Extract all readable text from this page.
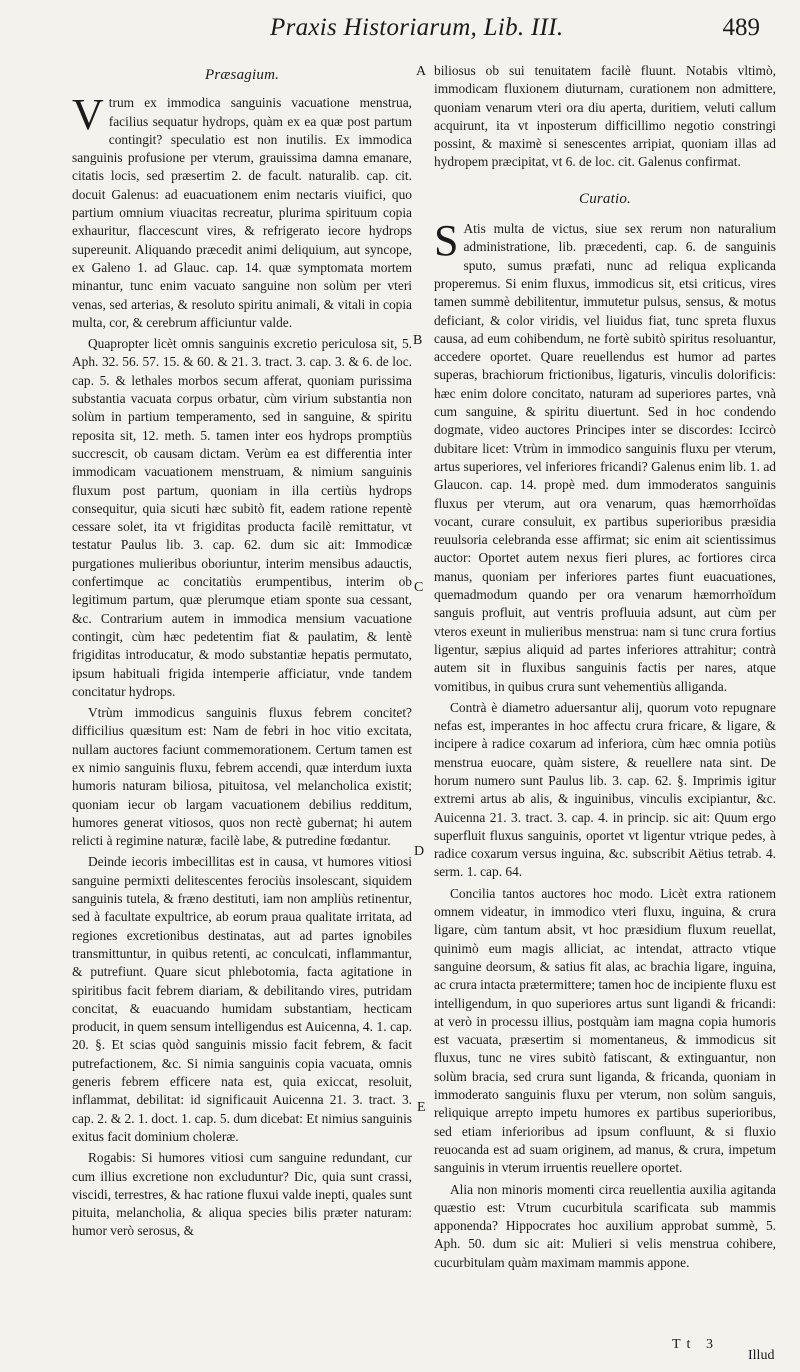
Praxis Historiarum, Lib. III.	489
A
B
C
D
E
Præsagium.

Vtrum ex immodica sanguinis vacuatione menstrua, facilius sequatur hydrops, quàm ex ea quæ post partum contingit? speculatio est non inutilis. Ex immodica sanguinis profusione per vterum, grauissima damna emanare, citatis locis, sed præsertim 2. de facult. naturalib. cap. cit. docuit Galenus: ad euacuationem enim nectaris viuifici, quo partium omnium viuacitas recreatur, plurima spirituum copia exhauritur, flaccescunt vires, & refrigerato iecore hydrops supereunit. Aliquando præcedit animi deliquium, aut syncope, ex Galeno 1. ad Glauc. cap. 14. quæ symptomata mortem minantur, tunc enim vacuato sanguine non solùm per vteri venas, sed arterias, & resoluto spiritu animali, & vitali in copia multa, cor, & cerebrum afficiuntur valde.

Quapropter licèt omnis sanguinis excretio periculosa sit, 5. Aph. 32. 56. 57. 15. & 60. & 21. 3. tract. 3. cap. 3. & 6. de loc. cap. 5. & lethales morbos secum afferat, quoniam purissima substantia vacuata corpus orbatur, cùm virium substantia non solùm in partium temperamento, sed in sanguine, & spiritu reposita sit, 12. meth. 5. tamen inter eos hydrops promptiùs succrescit, ob causam dictam. Verùm ea est differentia inter immodicam vacuationem menstruam, & nimium sanguinis fluxum post partum, quoniam in illa certiùs hydrops consequitur, quia sicuti hæc subitò fit, eadem ratione repentè cessare solet, ita vt frigiditas producta facilè remittatur, vt testatur Paulus lib. 3. cap. 62. dum sic ait: Immodicæ purgationes mulieribus oboriuntur, interim mensibus adauctis, confertimque ac concitatiùs erumpentibus, interim ob legitimum partum, quæ plerumque etiam sponte sua cessant, &c. Contrarium autem in immodica mensium vacuatione contingit, cùm hæc pedetentim fiat & paulatim, & lentè frigiditas introducatur, & modo substantiæ hepatis permutato, ipsum habituali frigida intemperie afficiatur, vnde tandem concitatur hydrops.

Vtrùm immodicus sanguinis fluxus febrem concitet? difficilius quæsitum est: Nam de febri in hoc vitio excitata, nullam auctores faciunt commemorationem. Certum tamen est ex nimio sanguinis fluxu, febrem accendi, quæ interdum iuxta humoris naturam biliosa, pituitosa, vel melancholica existit; quoniam iecur ob largam vacuationem debilius redditum, humores generat vitiosos, quos non rectè gubernat; hi autem relicti à regimine naturæ, facilè labe, & putredine fœdantur.

Deinde iecoris imbecillitas est in causa, vt humores vitiosi sanguine permixti delitescentes ferociùs insolescant, siquidem sanguinis tutela, & fræno destituti, iam non ampliùs retinentur, sed à facultate expultrice, ab eorum praua qualitate irritata, ad regiones excretionibus destinatas, aut ad partes ignobiles transmittuntur, in quibus retenti, ac conculcati, inflammantur, & putrefiunt. Quare sicut phlebotomia, facta agitatione in spiritibus facit febrem diariam, & debilitando vires, putridam concitat, & euacuando humidam substantiam, hecticam producit, in quem sensum intelligendus est Auicenna, 4. 1. cap. 20. §. Et scias quòd sanguinis missio facit febrem, & facit putrefactionem, &c. Si nimia sanguinis copia vacuata, omnis generis febrem efficere nata est, quia exiccat, resoluit, inflammat, debilitat: id significauit Auicenna 21. 3. tract. 3. cap. 2. & 2. 1. doct. 1. cap. 5. dum dicebat: Et nimius sanguinis exitus facit dominium choleræ.

Rogabis: Si humores vitiosi cum sanguine redundant, cur cum illius excretione non excluduntur? Dic, quia sunt crassi, viscidi, terrestres, & hac ratione fluxui valde inepti, quales sunt pituita, melancholia, & aliqua species bilis præter naturam: humor verò serosus, &

biliosus ob sui tenuitatem facilè fluunt. Notabis vltimò, immodicam fluxionem diuturnam, curationem non admittere, quoniam venarum vteri ora diu aperta, duritiem, veluti callum acquirunt, ita vt inposterum difficillimo negotio constringi possint, & maximè si senescentes arripiat, quoniam illas ad hydropem præcipitat, vt 6. de loc. cit. Galenus confirmat.

Curatio.

S Atis multa de victus, siue sex rerum non naturalium administratione, lib. præcedenti, cap. 6. de sanguinis sputo, sumus præfati, nunc ad reliqua explicanda properemus. Si enim fluxus, immodicus sit, etsi criticus, vires tamen summè debilitentur, immutetur pulsus, sensus, & motus deficiant, & color viridis, vel liuidus fiat, tunc spreta fluxus causa, ad eum cohibendum, ne fortè subitò spiritus resoluantur, accedere oportet. Quare reuellendus est humor ad partes superas, brachiorum frictionibus, ligaturis, vinculis dolorificis: hæc enim dolore concitato, naturam ad superiores partes, vnà cum sanguine, & spiritu diuertunt. Sed in hoc condendo dogmate, video auctores Principes inter se discordes: Iccircò dubitare licet: Vtrùm in immodico sanguinis fluxu per vterum, artus superiores, vel inferiores fricandi? Galenus enim lib. 1. ad Glaucon. cap. 14. propè med. dum immoderatos sanguinis fluxus per vterum, aut ora venarum, quas hæmorrhoïdas vocant, curare consuluit, ex partibus superioribus præsidia reuulsoria celebranda esse affirmat; sic enim ait scientissimus auctor: Oportet autem nexus fieri plures, ac fortiores circa manus, quoniam per inferiores partes fiunt euacuationes, quemadmodum quando per ora venarum hæmorrhoïdum sanguis profluit, aut ventris profluuia adsunt, aut cùm per vteros exeunt in mulieribus menstrua: nam si tunc crura fortius ligentur, sæpius aliquid ad partes inferiores attrahitur; contrà autem sit in fluxibus sanguinis factis per nares, atque vomitibus, in quibus crura sunt vehementiùs alliganda.

Contrà è diametro aduersantur alij, quorum voto repugnare nefas est, imperantes in hoc affectu crura fricare, & ligare, & incipere à radice coxarum ad inferiora, cùm hæc omnia potiùs menstrua euocare, quàm sistere, & reuellere nata sint. De horum numero sunt Paulus lib. 3. cap. 62. §. Imprimis igitur extremi artus ab alis, & inguinibus, vinculis excipiantur, &c. Auicenna 21. 3. tract. 3. cap. 4. in princip. sic ait: Quum ergo superfluit fluxus sanguinis, oportet vt ligentur vtrique pedes, à radice coxarum versus inguina, &c. subscribit Aëtius tetrab. 4. serm. 1. cap. 64.

Concilia tantos auctores hoc modo. Licèt extra rationem omnem videatur, in immodico vteri fluxu, inguina, & crura ligare, cùm tantum absit, vt hoc præsidium fluxum reuellat, quinimò eum magis alliciat, ac intendat, attracto vtique sanguine deorsum, & satius fit alas, ac brachia ligare, inguina, ac crura intacta prætermittere; tamen hoc de incipiente fluxu est intelligendum, in quo superiores artus sunt ligandi & fricandi: at verò in processu illius, postquàm iam magna copia humoris est vacuata, præsertim si momentaneus, & immodicus sit fluxus, tunc ne vires subitò fatiscant, & extinguantur, non solùm bracia, sed crura sunt liganda, & fricanda, quoniam in immoderato sanguinis fluxu per vterum, non solùm sanguis, reliquique arrepto impetu humores ex partibus superioribus, sed etiam inferioribus ad ipsum confluunt, & si fluxio reuocanda est ad suam originem, ad manus, & crura, impetum sanguinis in vterum irruentis reuellere oportet.

Alia non minoris momenti circa reuellentia auxilia agitanda quæstio est: Vtrum cucurbitula scarificata sub mammis apponenda? Hippocrates hoc auxilium approbat summè, 5. Aph. 50. dum sic ait: Mulieri si velis menstrua cohibere, cucurbitulam quàm maximam mammis appone.

Tt 3
Illud
